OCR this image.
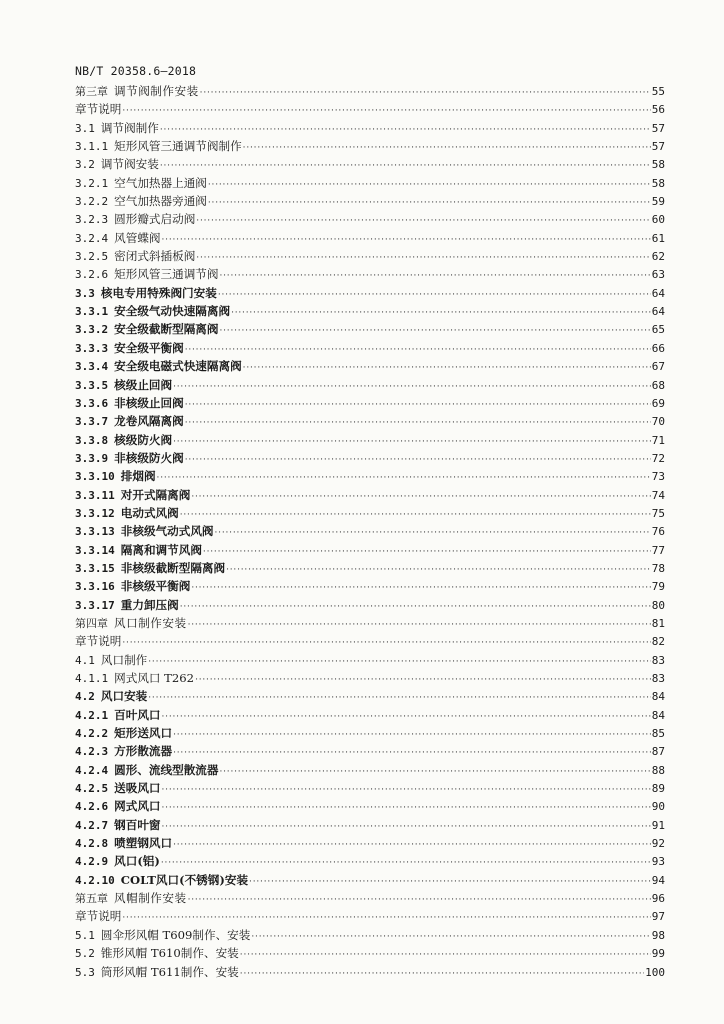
NB/T 20358.6—2018
第三章 调节阀制作安装 ·····	55
章节说明 ·····	56
3.1 调节阀制作 ·····	57
3.1.1 矩形风管三通调节阀制作 ·····	57
3.2 调节阀安装 ·····	58
3.2.1 空气加热器上通阀 ·····	58
3.2.2 空气加热器旁通阀 ·····	59
3.2.3 圆形瓣式启动阀 ·····	60
3.2.4 风管蝶阀 ·····	61
3.2.5 密闭式斜插板阀 ·····	62
3.2.6 矩形风管三通调节阀 ·····	63
3.3 核电专用特殊阀门安装 ·····	64
3.3.1 安全级气动快速隔离阀 ·····	64
3.3.2 安全级截断型隔离阀 ·····	65
3.3.3 安全级平衡阀 ·····	66
3.3.4 安全级电磁式快速隔离阀 ·····	67
3.3.5 核级止回阀 ·····	68
3.3.6 非核级止回阀 ·····	69
3.3.7 龙卷风隔离阀 ·····	70
3.3.8 核级防火阀 ·····	71
3.3.9 非核级防火阀 ·····	72
3.3.10 排烟阀 ·····	73
3.3.11 对开式隔离阀 ·····	74
3.3.12 电动式风阀 ·····	75
3.3.13 非核级气动式风阀 ·····	76
3.3.14 隔离和调节风阀 ·····	77
3.3.15 非核级截断型隔离阀 ·····	78
3.3.16 非核级平衡阀 ·····	79
3.3.17 重力卸压阀 ·····	80
第四章 风口制作安装 ·····	81
章节说明 ·····	82
4.1 风口制作 ·····	83
4.1.1 网式风口 T262 ·····	83
4.2 风口安装 ·····	84
4.2.1 百叶风口 ·····	84
4.2.2 矩形送风口 ·····	85
4.2.3 方形散流器 ·····	87
4.2.4 圆形、流线型散流器 ·····	88
4.2.5 送吸风口 ·····	89
4.2.6 网式风口 ·····	90
4.2.7 钢百叶窗 ·····	91
4.2.8 喷塑钢风口 ·····	92
4.2.9 风口(铝) ·····	93
4.2.10 COLT风口(不锈钢)安装 ·····	94
第五章 风帽制作安装 ·····	96
章节说明 ·····	97
5.1 圆伞形风帽 T609制作、安装 ·····	98
5.2 锥形风帽 T610制作、安装 ·····	99
5.3 筒形风帽 T611制作、安装 ·····	100
